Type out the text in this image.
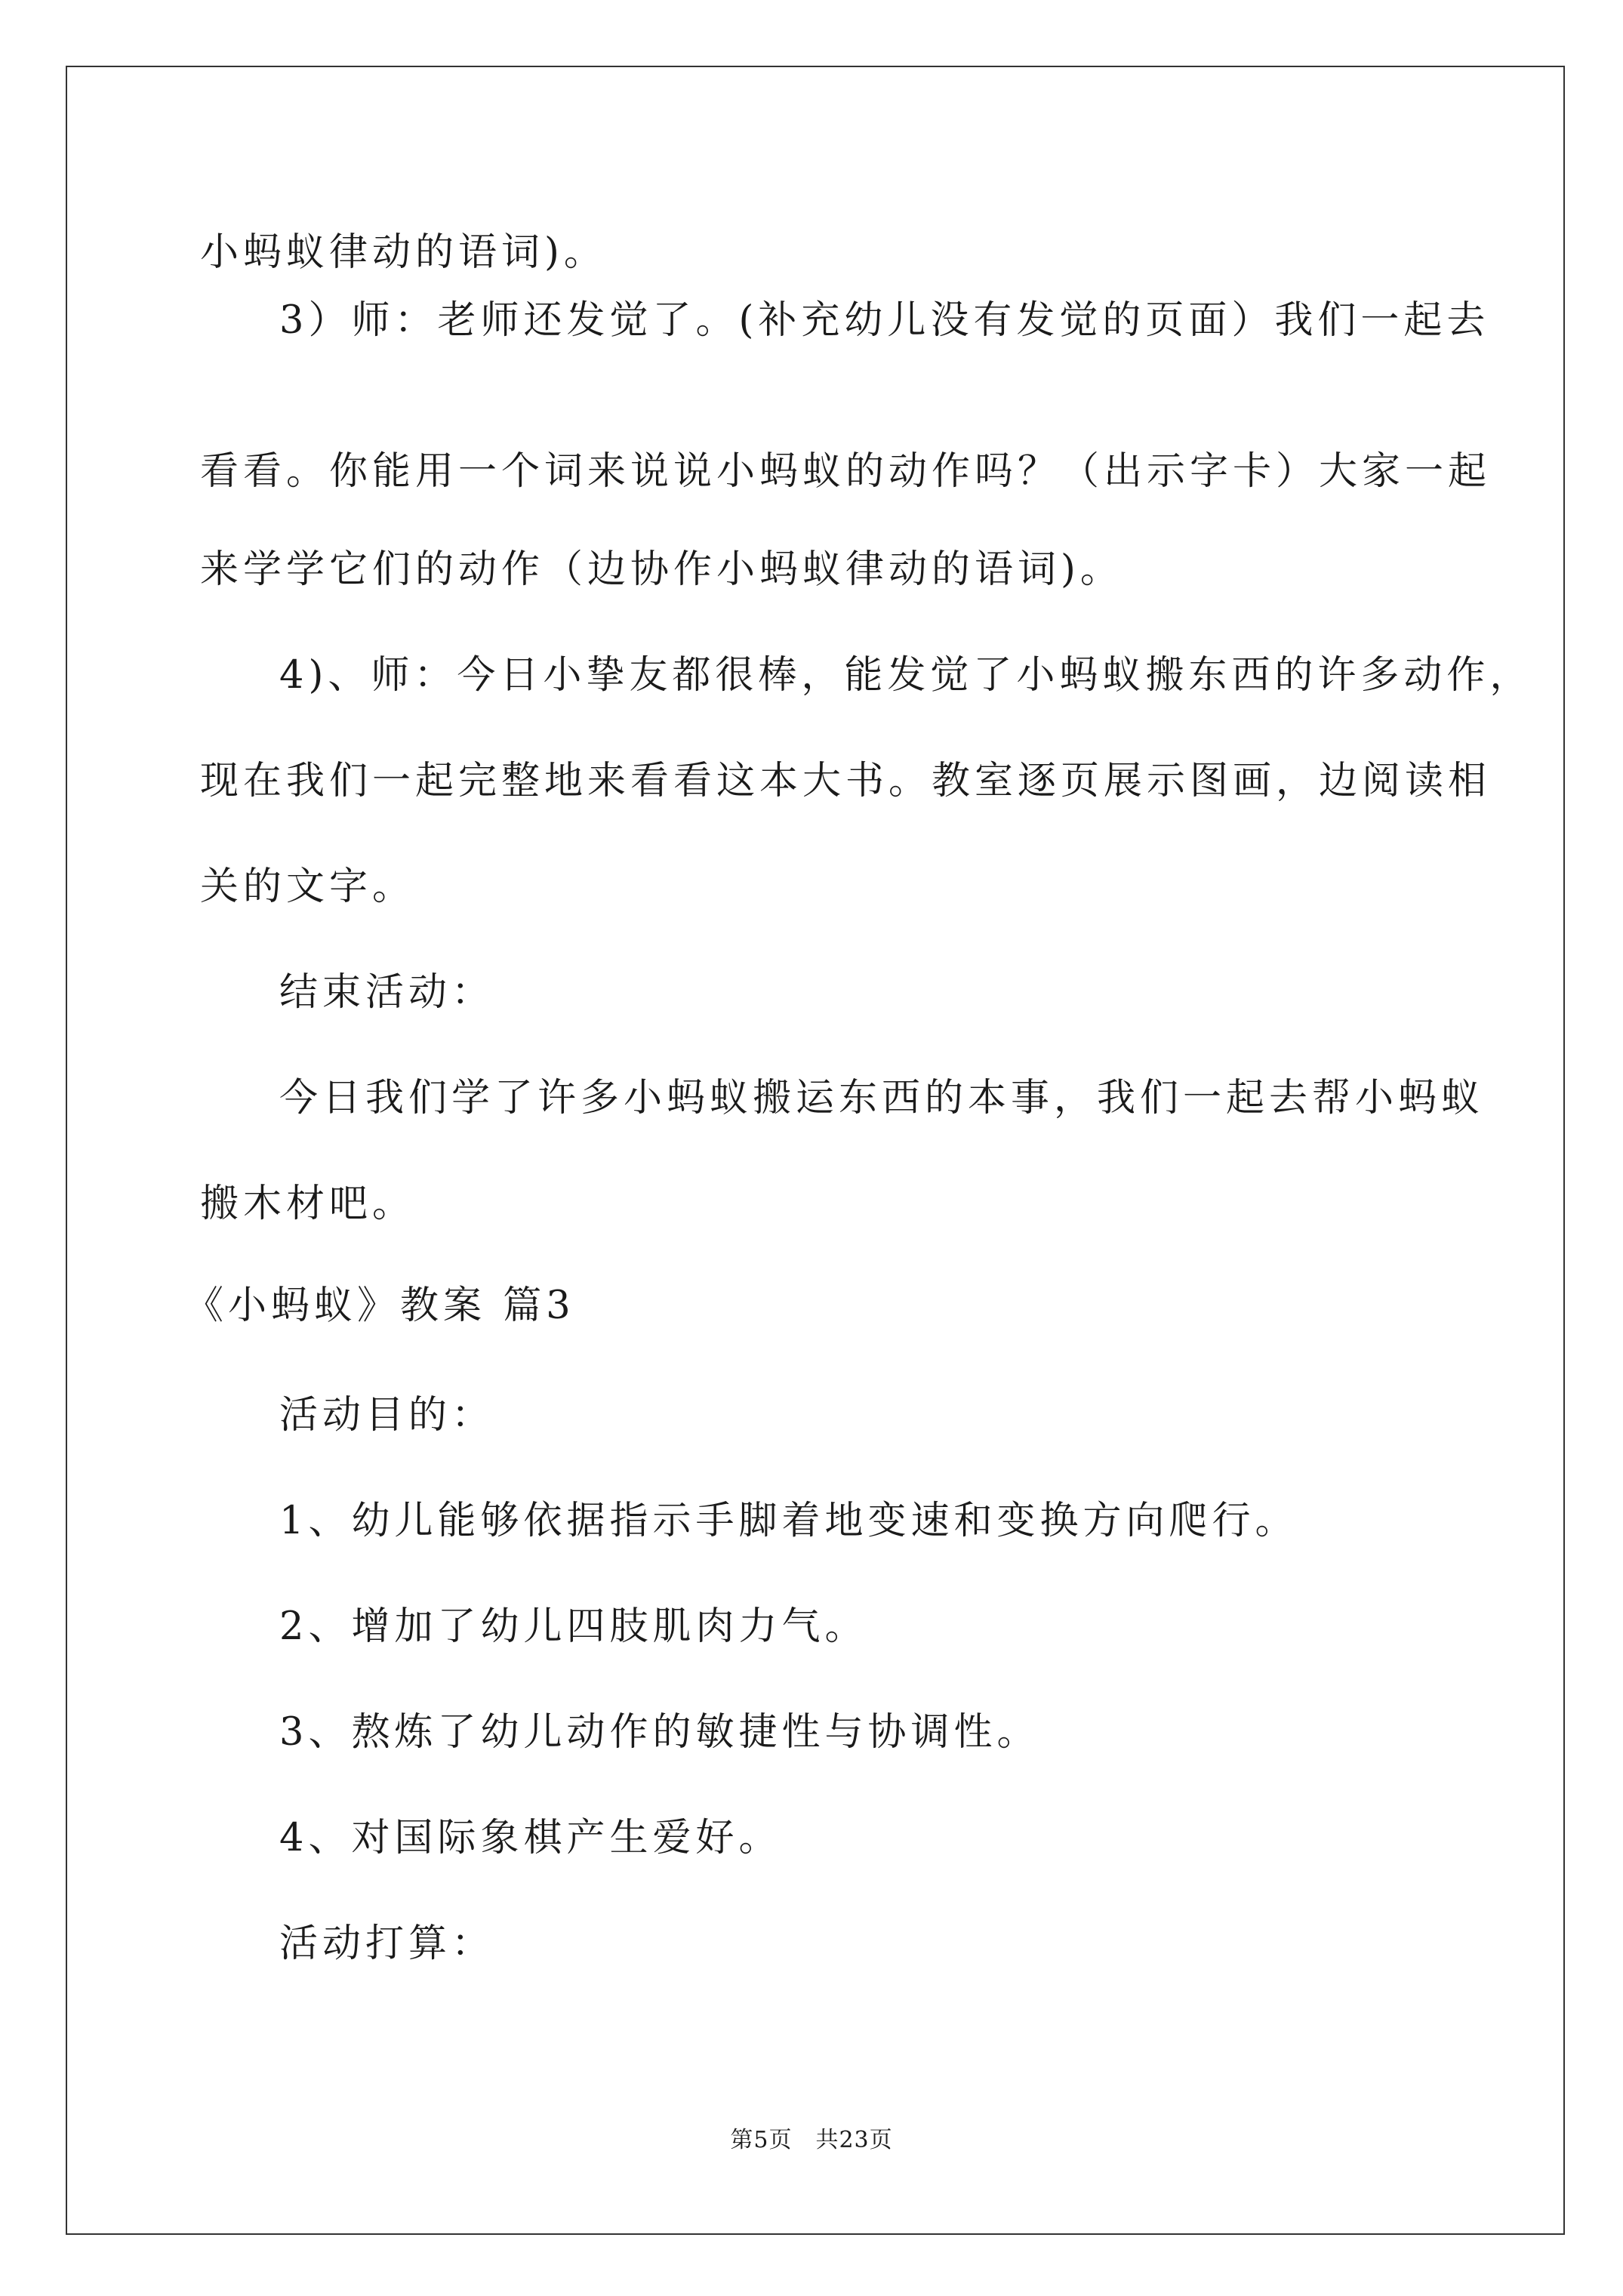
小蚂蚁律动的语词)。
3）师：老师还发觉了。(补充幼儿没有发觉的页面）我们一起去
看看。你能用一个词来说说小蚂蚁的动作吗？（出示字卡）大家一起
来学学它们的动作（边协作小蚂蚁律动的语词)。
4)、师：今日小挚友都很棒，能发觉了小蚂蚁搬东西的许多动作，
现在我们一起完整地来看看这本大书。教室逐页展示图画，边阅读相
关的文字。
结束活动：
今日我们学了许多小蚂蚁搬运东西的本事，我们一起去帮小蚂蚁
搬木材吧。
《小蚂蚁》教案 篇3
活动目的：
1、幼儿能够依据指示手脚着地变速和变换方向爬行。
2、增加了幼儿四肢肌肉力气。
3、熬炼了幼儿动作的敏捷性与协调性。
4、对国际象棋产生爱好。
活动打算：
第5页　共23页
